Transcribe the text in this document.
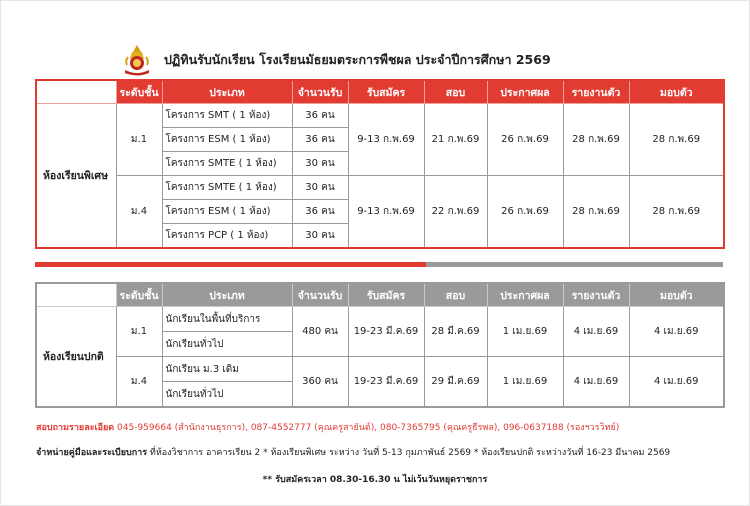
ปฏิทินรับนักเรียน โรงเรียนมัธยมตระการพืชผล ประจำปีการศึกษา 2569
	ระดับชั้น	ประเภท	จำนวนรับ	รับสมัคร	สอบ	ประกาศผล	รายงานตัว	มอบตัว
ห้องเรียนพิเศษ	ม.1	โครงการ SMT ( 1 ห้อง)	36 คน	9-13 ก.พ.69	21 ก.พ.69	26 ก.พ.69	28 ก.พ.69	28 ก.พ.69
		โครงการ ESM ( 1 ห้อง)	36 คน					
		โครงการ SMTE ( 1 ห้อง)	30 คน					
	ม.4	โครงการ SMTE ( 1 ห้อง)	30 คน	9-13 ก.พ.69	22 ก.พ.69	26 ก.พ.69	28 ก.พ.69	28 ก.พ.69
		โครงการ ESM ( 1 ห้อง)	36 คน					
		โครงการ PCP ( 1 ห้อง)	30 คน					
	ระดับชั้น	ประเภท	จำนวนรับ	รับสมัคร	สอบ	ประกาศผล	รายงานตัว	มอบตัว
ห้องเรียนปกติ	ม.1	นักเรียนในพื้นที่บริการ	480 คน	19-23 มี.ค.69	28 มี.ค.69	1 เม.ย.69	4 เม.ย.69	4 เม.ย.69
		นักเรียนทั่วไป						
	ม.4	นักเรียน ม.3 เดิม	360 คน	19-23 มี.ค.69	29 มี.ค.69	1 เม.ย.69	4 เม.ย.69	4 เม.ย.69
		นักเรียนทั่วไป						
สอบถามรายละเอียด 045-959664 (สำนักงานธุรการ), 087-4552777 (คุณครูสายันต์), 080-7365795 (คุณครูธีรพล), 096-0637188 (รองฯวรวิทย์)
จำหน่ายคู่มือและระเบียบการ ที่ห้องวิชาการ อาคารเรียน 2 * ห้องเรียนพิเศษ ระหว่าง วันที่ 5-13 กุมภาพันธ์ 2569 * ห้องเรียนปกติ ระหว่างวันที่ 16-23 มีนาคม 2569
** รับสมัครเวลา 08.30-16.30 น ไม่เว้นวันหยุดราชการ
